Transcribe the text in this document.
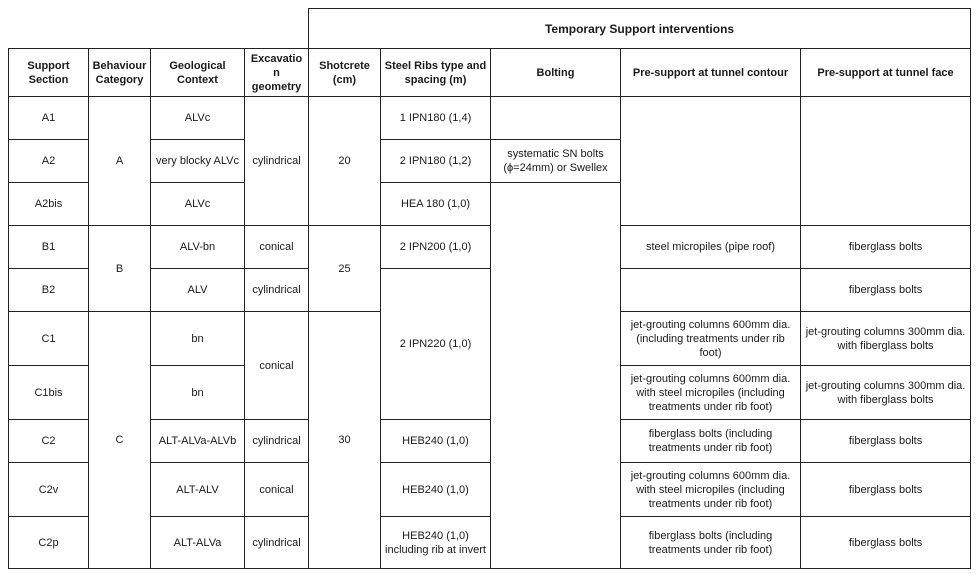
				Temporary Support interventions				
Support Section	Behaviour Category	Geological Context	Excavation geometry	Shotcrete (cm)	Steel Ribs type and spacing (m)	Bolting	Pre-support at tunnel contour	Pre-support at tunnel face
A1	A	ALVc	cylindrical	20	1 IPN180 (1,4)			
A2		very blocky ALVc			2 IPN180 (1,2)	systematic SN bolts (ϕ=24mm) or Swellex		
A2bis		ALVc			HEA 180 (1,0)			
B1	B	ALV-bn	conical	25	2 IPN200 (1,0)		steel micropiles (pipe roof)	fiberglass bolts
B2		ALV	cylindrical		2 IPN220 (1,0)			fiberglass bolts
C1	C	bn	conical	30			jet-grouting columns 600mm dia. (including treatments under rib foot)	jet-grouting columns 300mm dia. with fiberglass bolts
C1bis		bn					jet-grouting columns 600mm dia. with steel micropiles (including treatments under rib foot)	jet-grouting columns 300mm dia. with fiberglass bolts
C2		ALT-ALVa-ALVb	cylindrical		HEB240 (1,0)		fiberglass bolts (including treatments under rib foot)	fiberglass bolts
C2v		ALT-ALV	conical		HEB240 (1,0)		jet-grouting columns 600mm dia. with steel micropiles (including treatments under rib foot)	fiberglass bolts
C2p		ALT-ALVa	cylindrical		HEB240 (1,0) including rib at invert		fiberglass bolts (including treatments under rib foot)	fiberglass bolts
